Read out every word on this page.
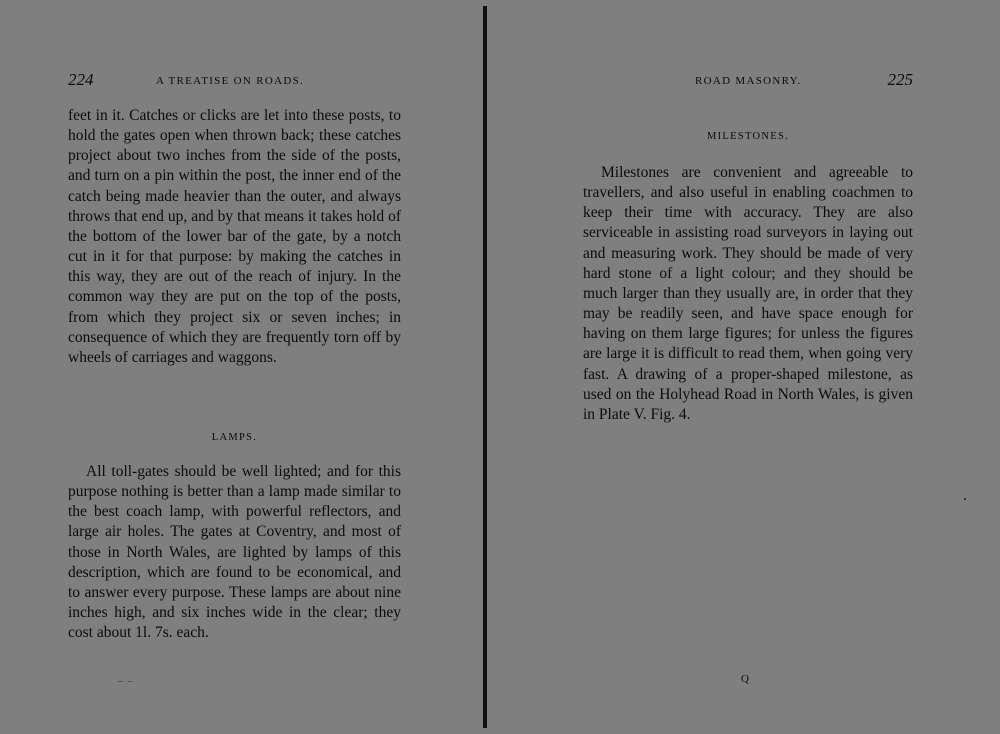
224	A TREATISE ON ROADS.

feet in it. Catches or clicks are let into these posts, to hold the gates open when thrown back; these catches project about two inches from the side of the posts, and turn on a pin within the post, the inner end of the catch being made heavier than the outer, and always throws that end up, and by that means it takes hold of the bottom of the lower bar of the gate, by a notch cut in it for that purpose: by making the catches in this way, they are out of the reach of injury. In the common way they are put on the top of the posts, from which they project six or seven inches; in consequence of which they are frequently torn off by wheels of carriages and waggons.

LAMPS.

All toll-gates should be well lighted; and for this purpose nothing is better than a lamp made similar to the best coach lamp, with powerful reflectors, and large air holes. The gates at Coventry, and most of those in North Wales, are lighted by lamps of this description, which are found to be economical, and to answer every purpose. These lamps are about nine inches high, and six inches wide in the clear; they cost about 1l. 7s. each.

– –
ROAD MASONRY.	225
MILESTONES.

Milestones are convenient and agreeable to travellers, and also useful in enabling coachmen to keep their time with accuracy. They are also serviceable in assisting road surveyors in laying out and measuring work. They should be made of very hard stone of a light colour; and they should be much larger than they usually are, in order that they may be readily seen, and have space enough for having on them large figures; for unless the figures are large it is difficult to read them, when going very fast. A drawing of a proper-shaped milestone, as used on the Holyhead Road in North Wales, is given in Plate V. Fig. 4.

Q
